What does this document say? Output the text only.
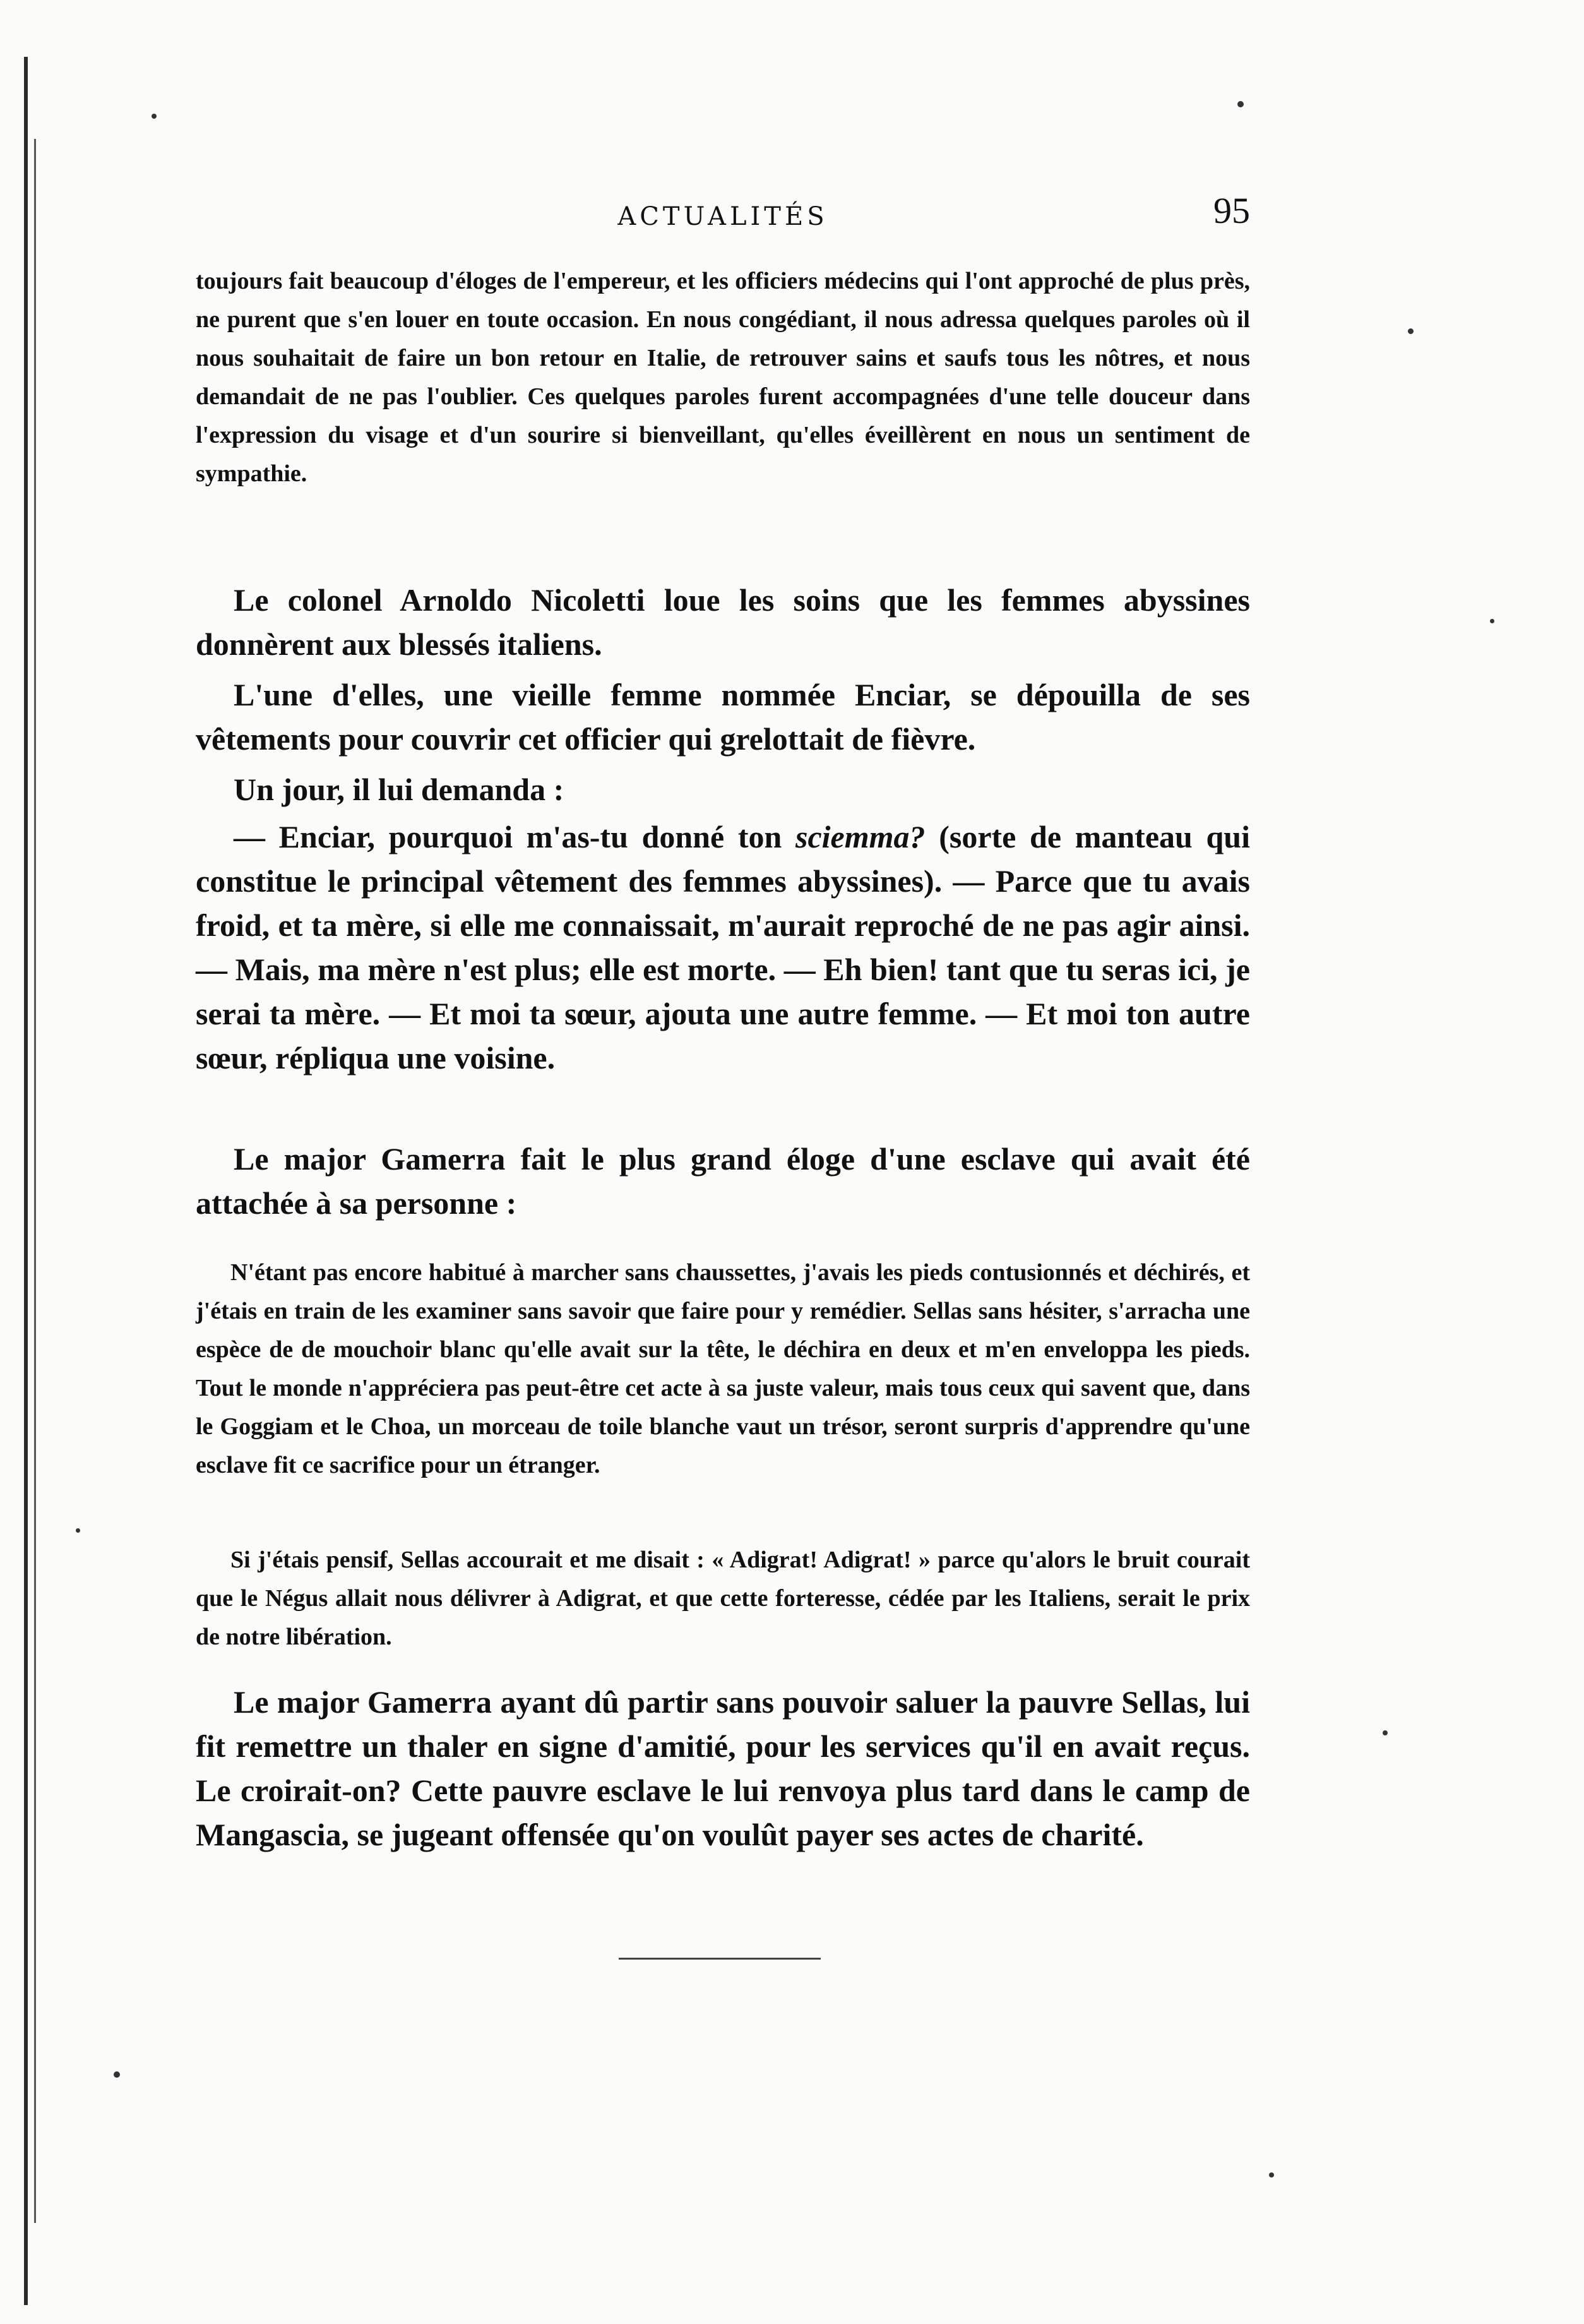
ACTUALITÉS	95

toujours fait beaucoup d'éloges de l'empereur, et les officiers médecins qui l'ont approché de plus près, ne purent que s'en louer en toute occasion. En nous congédiant, il nous adressa quelques paroles où il nous souhaitait de faire un bon retour en Italie, de retrouver sains et saufs tous les nôtres, et nous demandait de ne pas l'oublier. Ces quelques paroles furent accompagnées d'une telle douceur dans l'expression du visage et d'un sourire si bienveillant, qu'elles éveillèrent en nous un sentiment de sympathie.

Le colonel Arnoldo Nicoletti loue les soins que les femmes abyssines donnèrent aux blessés italiens.

L'une d'elles, une vieille femme nommée Enciar, se dépouilla de ses vêtements pour couvrir cet officier qui grelottait de fièvre.

Un jour, il lui demanda :

— Enciar, pourquoi m'as-tu donné ton sciemma? (sorte de manteau qui constitue le principal vêtement des femmes abyssines). — Parce que tu avais froid, et ta mère, si elle me connaissait, m'aurait reproché de ne pas agir ainsi. — Mais, ma mère n'est plus; elle est morte. — Eh bien! tant que tu seras ici, je serai ta mère. — Et moi ta sœur, ajouta une autre femme. — Et moi ton autre sœur, répliqua une voisine.

Le major Gamerra fait le plus grand éloge d'une esclave qui avait été attachée à sa personne :

N'étant pas encore habitué à marcher sans chaussettes, j'avais les pieds contusionnés et déchirés, et j'étais en train de les examiner sans savoir que faire pour y remédier. Sellas sans hésiter, s'arracha une espèce de de mouchoir blanc qu'elle avait sur la tête, le déchira en deux et m'en enveloppa les pieds. Tout le monde n'appréciera pas peut-être cet acte à sa juste valeur, mais tous ceux qui savent que, dans le Goggiam et le Choa, un morceau de toile blanche vaut un trésor, seront surpris d'apprendre qu'une esclave fit ce sacrifice pour un étranger.

Si j'étais pensif, Sellas accourait et me disait : « Adigrat! Adigrat! » parce qu'alors le bruit courait que le Négus allait nous délivrer à Adigrat, et que cette forteresse, cédée par les Italiens, serait le prix de notre libération.

Le major Gamerra ayant dû partir sans pouvoir saluer la pauvre Sellas, lui fit remettre un thaler en signe d'amitié, pour les services qu'il en avait reçus. Le croirait-on? Cette pauvre esclave le lui renvoya plus tard dans le camp de Mangascia, se jugeant offensée qu'on voulût payer ses actes de charité.
